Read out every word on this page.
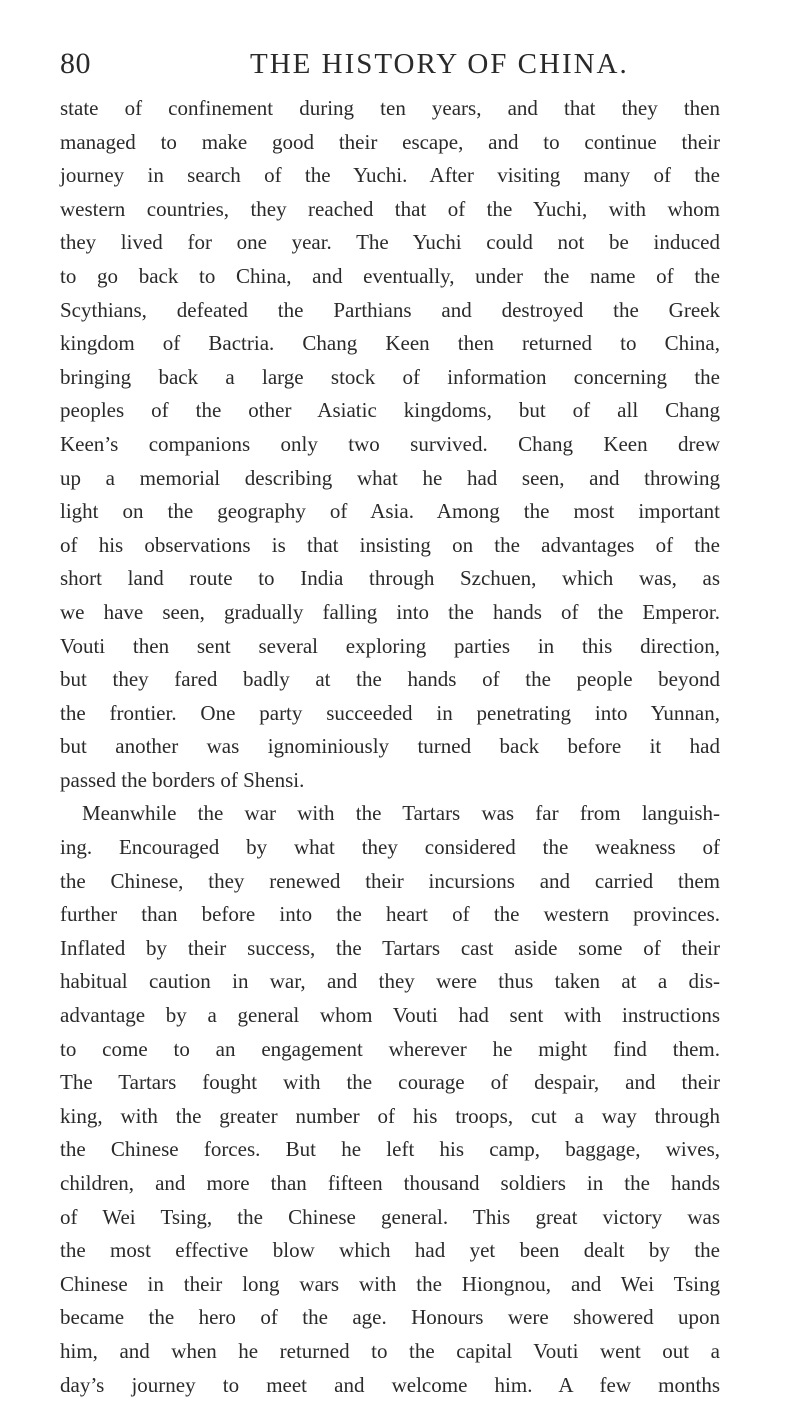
80	THE HISTORY OF CHINA.
state of confinement during ten years, and that they then
managed to make good their escape, and to continue their
journey in search of the Yuchi. After visiting many of the
western countries, they reached that of the Yuchi, with whom
they lived for one year. The Yuchi could not be induced
to go back to China, and eventually, under the name of the
Scythians, defeated the Parthians and destroyed the Greek
kingdom of Bactria. Chang Keen then returned to China,
bringing back a large stock of information concerning the
peoples of the other Asiatic kingdoms, but of all Chang
Keen’s companions only two survived. Chang Keen drew
up a memorial describing what he had seen, and throwing
light on the geography of Asia. Among the most important
of his observations is that insisting on the advantages of the
short land route to India through Szchuen, which was, as
we have seen, gradually falling into the hands of the Emperor.
Vouti then sent several exploring parties in this direction,
but they fared badly at the hands of the people beyond
the frontier. One party succeeded in penetrating into Yunnan,
but another was ignominiously turned back before it had
passed the borders of Shensi.
Meanwhile the war with the Tartars was far from languish-
ing. Encouraged by what they considered the weakness of
the Chinese, they renewed their incursions and carried them
further than before into the heart of the western provinces.
Inflated by their success, the Tartars cast aside some of their
habitual caution in war, and they were thus taken at a dis-
advantage by a general whom Vouti had sent with instructions
to come to an engagement wherever he might find them.
The Tartars fought with the courage of despair, and their
king, with the greater number of his troops, cut a way through
the Chinese forces. But he left his camp, baggage, wives,
children, and more than fifteen thousand soldiers in the hands
of Wei Tsing, the Chinese general. This great victory was
the most effective blow which had yet been dealt by the
Chinese in their long wars with the Hiongnou, and Wei Tsing
became the hero of the age. Honours were showered upon
him, and when he returned to the capital Vouti went out a
day’s journey to meet and welcome him. A few months
